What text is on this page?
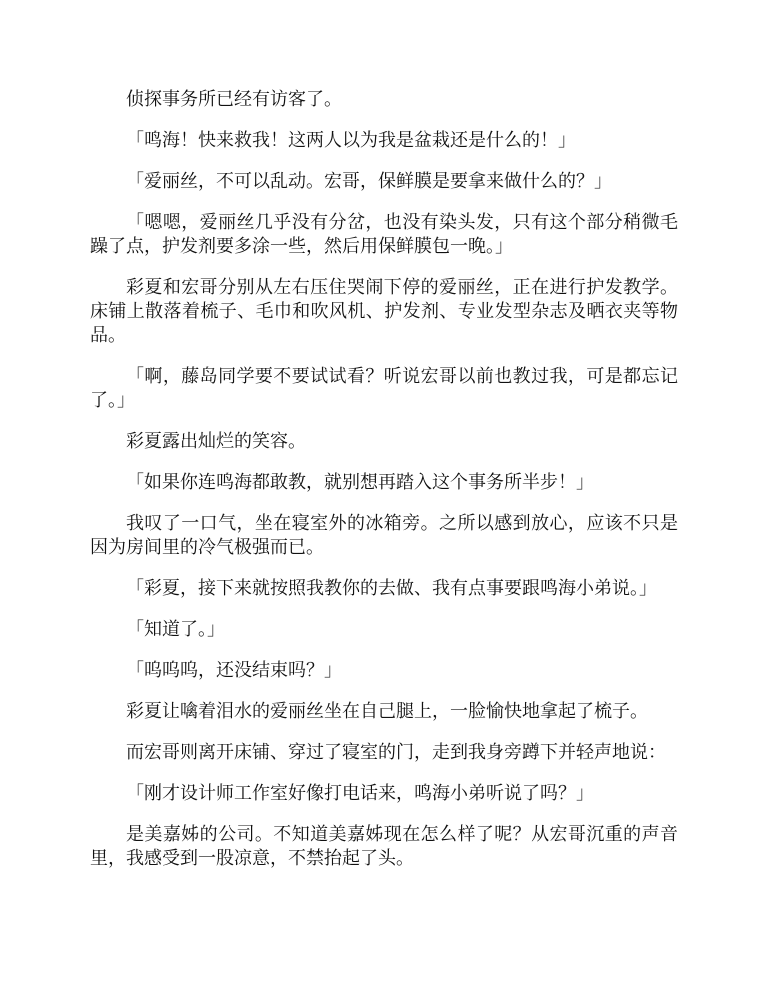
侦探事务所已经有访客了。

「鸣海！快来救我！这两人以为我是盆栽还是什么的！」

「爱丽丝，不可以乱动。宏哥，保鲜膜是要拿来做什么的？」

「嗯嗯，爱丽丝几乎没有分岔，也没有染头发，只有这个部分稍微毛躁了点，护发剂要多涂一些，然后用保鲜膜包一晚。」

彩夏和宏哥分别从左右压住哭闹下停的爱丽丝，正在进行护发教学。床铺上散落着梳子、毛巾和吹风机、护发剂、专业发型杂志及晒衣夹等物品。

「啊，藤岛同学要不要试试看？听说宏哥以前也教过我，可是都忘记了。」

彩夏露出灿烂的笑容。

「如果你连鸣海都敢教，就别想再踏入这个事务所半步！」

我叹了一口气，坐在寝室外的冰箱旁。之所以感到放心，应该不只是因为房间里的冷气极强而已。

「彩夏，接下来就按照我教你的去做、我有点事要跟鸣海小弟说。」

「知道了。」

「呜呜呜，还没结束吗？」

彩夏让噙着泪水的爱丽丝坐在自己腿上，一脸愉快地拿起了梳子。

而宏哥则离开床铺、穿过了寝室的门，走到我身旁蹲下并轻声地说：

「刚才设计师工作室好像打电话来，鸣海小弟听说了吗？」

是美嘉姊的公司。不知道美嘉姊现在怎么样了呢？从宏哥沉重的声音里，我感受到一股凉意，不禁抬起了头。
